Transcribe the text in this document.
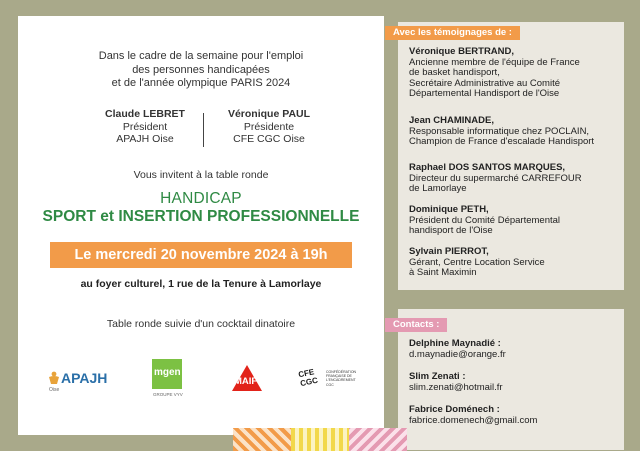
Dans le cadre de la semaine pour l'emploi
des personnes handicapées
et de l'année olympique PARIS 2024
Claude LEBRET
Président
APAJH Oise
Véronique PAUL
Présidente
CFE CGC Oise
Vous invitent à la table ronde
HANDICAP
SPORT et INSERTION PROFESSIONNELLE
Le mercredi 20 novembre 2024 à 19h
au foyer culturel, 1 rue de la Tenure à Lamorlaye
Table ronde suivie d'un cocktail dinatoire
APAJH
Oise
mgen
GROUPE VYV
MAIF
CFE
CGC
CONFÉDÉRATION FRANÇAISE DE L'ENCADREMENT CGC
Avec les témoignages de :
Véronique BERTRAND,
Ancienne membre de l'équipe de France
de basket handisport,
Secrétaire Administrative au Comité
Départemental Handisport de l'Oise
Jean CHAMINADE,
Responsable informatique chez POCLAIN,
Champion de France d'escalade Handisport
Raphael DOS SANTOS MARQUES,
Directeur du supermarché CARREFOUR
de Lamorlaye
Dominique PETH,
Président du Comité Départemental
handisport de l'Oise
Sylvain PIERROT,
Gérant, Centre Location Service
à Saint Maximin
Contacts :
Delphine Maynadié :
d.maynadie@orange.fr
Slim Zenati :
slim.zenati@hotmail.fr
Fabrice Doménech :
fabrice.domenech@gmail.com
